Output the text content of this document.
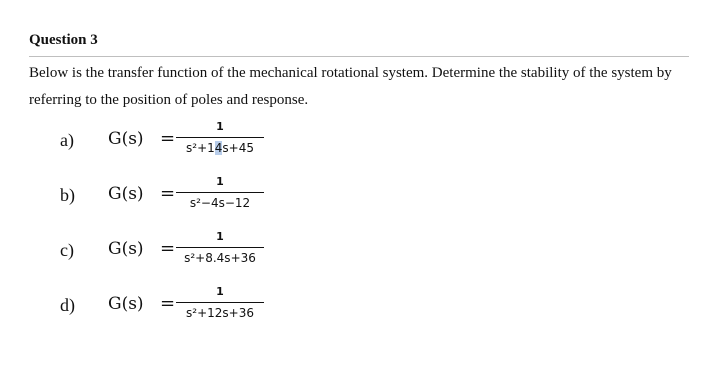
Question 3
Below is the transfer function of the mechanical rotational system. Determine the stability of the system by referring to the position of poles and response.
a) G(s) =
1
s²+14s+45
b) G(s) =
1
s²−4s−12
c) G(s) =
1
s²+8.4s+36
d) G(s) =
1
s²+12s+36
